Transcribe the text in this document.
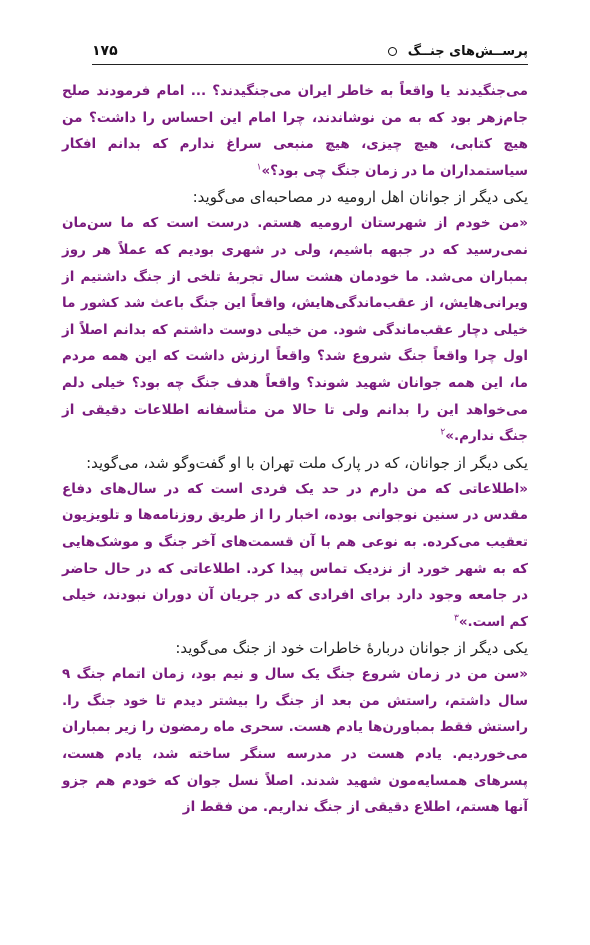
پرســش‌های جنــگ
۱۷۵

می‌جنگیدند یا واقعاً به خاطر ایران می‌جنگیدند؟ ... امام فرمودند صلح جام‌زهر بود که به من نوشاندند، چرا امام این احساس را داشت؟ من هیچ کتابی، هیچ چیزی، هیچ منبعی سراغ ندارم که بدانم افکار سیاستمداران ما در زمان جنگ چی بود؟»$^۱$

یکی دیگر از جوانان اهل ارومیه در مصاحبه‌ای می‌گوید:

«من خودم از شهرستان ارومیه هستم. درست است که ما سن‌مان نمی‌رسید که در جبهه باشیم، ولی در شهری بودیم که عملاً هر روز بمباران می‌شد. ما خودمان هشت سال تجربهٔ تلخی از جنگ داشتیم از ویرانی‌هایش، از عقب‌ماندگی‌هایش، واقعاً این جنگ باعث شد کشور ما خیلی دچار عقب‌ماندگی شود. من خیلی دوست داشتم که بدانم اصلاً از اول چرا واقعاً جنگ شروع شد؟ واقعاً ارزش داشت که این همه مردم ما، این همه جوانان شهید شوند؟ واقعاً هدف جنگ چه بود؟ خیلی دلم می‌خواهد این را بدانم ولی تا حالا من متأسفانه اطلاعات دقیقی از جنگ ندارم.»$^۲$

یکی دیگر از جوانان، که در پارک ملت تهران با او گفت‌وگو شد، می‌گوید:

«اطلاعاتی که من دارم در حد یک فردی است که در سال‌های دفاع مقدس در سنین نوجوانی بوده، اخبار را از طریق روزنامه‌ها و تلویزیون تعقیب می‌کرده. به نوعی هم با آن قسمت‌های آخر جنگ و موشک‌هایی که به شهر خورد از نزدیک تماس پیدا کرد. اطلاعاتی که در حال حاضر در جامعه وجود دارد برای افرادی که در جریان آن دوران نبودند، خیلی کم است.»$^۳$

یکی دیگر از جوانان دربارهٔ خاطرات خود از جنگ می‌گوید:

«سن من در زمان شروع جنگ یک سال و نیم بود، زمان اتمام جنگ ۹ سال داشتم، راستش من بعد از جنگ را بیشتر دیدم تا خود جنگ را. راستش فقط بمباورن‌ها یادم هست. سحری ماه رمضون را زیر بمباران می‌خوردیم. یادم هست در مدرسه سنگر ساخته شد، یادم هست، پسرهای همسایه‌مون شهید شدند. اصلاً نسل جوان که خودم هم جزو آنها هستم، اطلاع دقیقی از جنگ نداریم. من فقط از
